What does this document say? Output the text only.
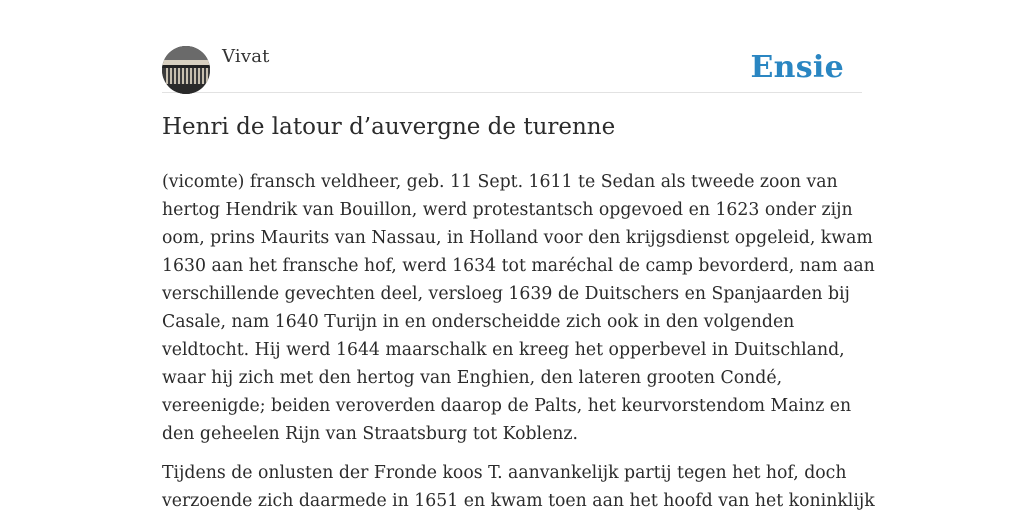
Vivat	Ensie
Henri de latour d’auvergne de turenne

(vicomte) fransch veldheer, geb. 11 Sept. 1611 te Sedan als tweede zoon van
hertog Hendrik van Bouillon, werd protestantsch opgevoed en 1623 onder zijn
oom, prins Maurits van Nassau, in Holland voor den krijgsdienst opgeleid, kwam
1630 aan het fransche hof, werd 1634 tot maréchal de camp bevorderd, nam aan
verschillende gevechten deel, versloeg 1639 de Duitschers en Spanjaarden bij
Casale, nam 1640 Turijn in en onderscheidde zich ook in den volgenden
veldtocht. Hij werd 1644 maarschalk en kreeg het opperbevel in Duitschland,
waar hij zich met den hertog van Enghien, den lateren grooten Condé,
vereenigde; beiden veroverden daarop de Palts, het keurvorstendom Mainz en
den geheelen Rijn van Straatsburg tot Koblenz.

Tijdens de onlusten der Fronde koos T. aanvankelijk partij tegen het hof, doch
verzoende zich daarmede in 1651 en kwam toen aan het hoofd van het koninklijk
